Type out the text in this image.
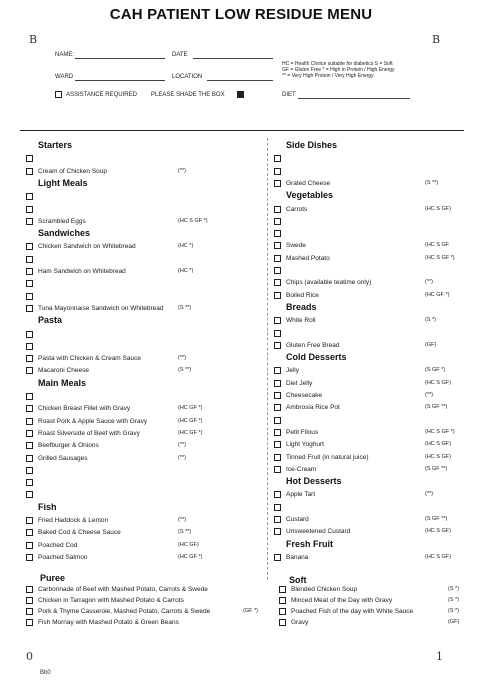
CAH PATIENT LOW RESIDUE MENU
B	B
NAME:	DATE
WARD	LOCATION
HC = Health Choice suitable for diabetics S = Soft
GF = Gluten Free * = High in Protein / High Energy
** = Very High Protein / Very High Energy
ASSISTANCE REQUIRED PLEASE SHADE THE BOX	DIET
Starters
Cream of Chicken Soup	(**)
Light Meals
Scrambled Eggs	(HC S GF *)
Sandwiches
Chicken Sandwich on Whitebread	(HC *)
Ham Sandwich on Whitebread	(HC *)
Tuna Mayonnaise Sandwich on Whitebread	(S **)
Pasta
Pasta with Chicken & Cream Sauce	(**)
Macaroni Cheese	(S **)
Main Meals
Chicken Breast Fillet with Gravy	(HC GF *)
Roast Pork & Apple Sauce with Gravy	(HC GF *)
Roast Silverside of Beef with Gravy	(HC GF *)
Beefburger & Onions	(**)
Grilled Sausages	(**)
Fish
Fried Haddock & Lemon	(**)
Baked Cod & Cheese Sauce	(S **)
Poached Cod	(HC GF)
Poached Salmon	(HC GF *)
Side Dishes
Grated Cheese	(S **)
Vegetables
Carrots	(HC S GF)
Swede	(HC S GF
Mashed Potato	(HC S GF *)
Chips (available teatime only)	(**)
Boiled Rice	(HC GF *)
Breads
White Roll	(S *)
Gluten Free Bread	(GF)
Cold Desserts
Jelly	(S GF *)
Diet Jelly	(HC S GF)
Cheesecake	(**)
Ambrosia Rice Pot	(S GF **)
Petit Filous	(HC S GF *)
Light Yoghurt	(HC S GF)
Tinned Fruit (in natural juice)	(HC S GF)
Ice-Cream	(S GF **)
Hot Desserts
Apple Tart	(**)
Custard	(S GF **)
Unsweetened Custard	(HC S GF)
Fresh Fruit
Banana	(HC S GF)
Puree
Carbonnade of Beef with Mashed Potato, Carrots & Swede
Chicken in Tarragon with Mashed Potato & Carrots
Pork & Thyme Casserole, Mashed Potato, Carrots & Swede	(GF *)
Fish Mornay with Mashed Potato & Green Beans
Soft
Blended Chicken Soup	(S *)
Minced Meat of the Day with Gravy	(S *)
Poached Fish of the day with White Sauce	(S *)
Gravy	(GF)
0	1
Bb0
